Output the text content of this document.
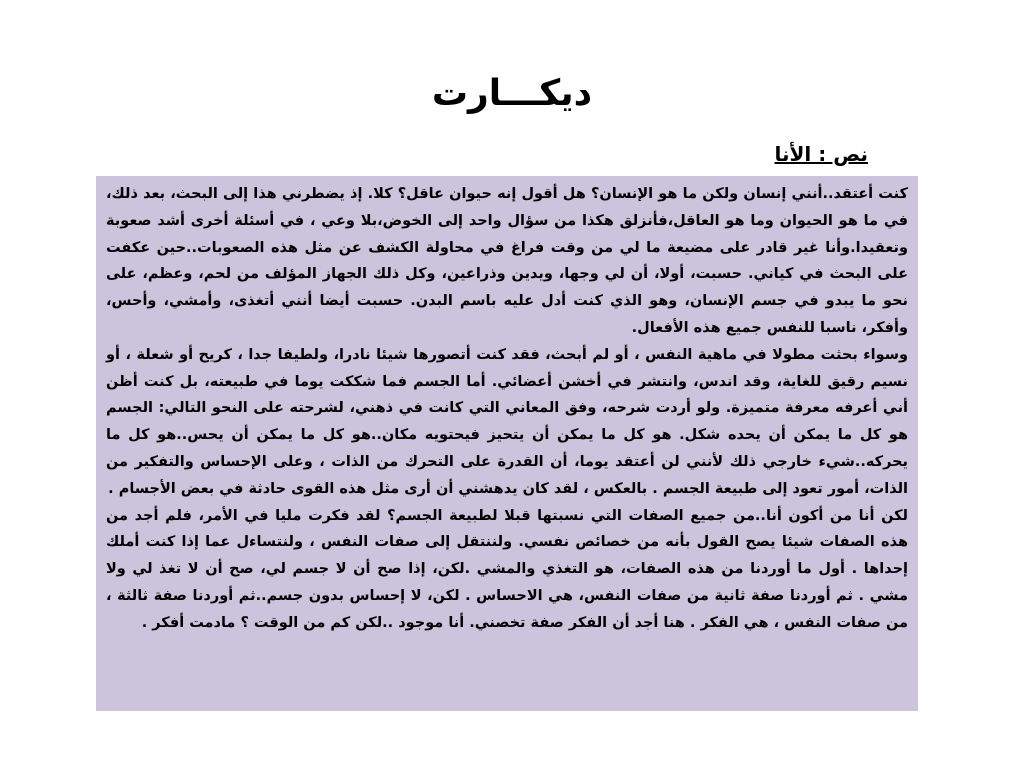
ديكـــارت
نص : الأنا

كنت أعتقد..أنني إنسان ولكن ما هو الإنسان؟ هل أقول إنه حيوان عاقل؟ كلا. إذ يضطرني هذا إلى البحث، بعد ذلك، في ما هو الحيوان وما هو العاقل،فأنزلق هكذا من سؤال واحد إلى الخوض،بلا وعي ، في أسئلة أخرى أشد صعوبة وتعقيدا.وأنا غير قادر على مضيعة ما لي من وقت فراغ في محاولة الكشف عن مثل هذه الصعوبات..حين عكفت على البحث في كياني. حسبت، أولا، أن لي وجها، ويدين وذراعين، وكل ذلك الجهاز المؤلف من لحم، وعظم، على نحو ما يبدو في جسم الإنسان، وهو الذي كنت أدل عليه باسم البدن. حسبت أيضا أنني أتغذى، وأمشي، وأحس، وأفكر، ناسبا للنفس جميع هذه الأفعال.

وسواء بحثت مطولا في ماهية النفس ، أو لم أبحث، فقد كنت أتصورها شيئا نادرا، ولطيفا جدا ، كريح أو شعلة ، أو نسيم رقيق للغاية، وقد اندس، وانتشر في أخشن أعضائي. أما الجسم فما شككت يوما في طبيعته، بل كنت أظن أني أعرفه معرفة متميزة. ولو أردت شرحه، وفق المعاني التي كانت في ذهني، لشرحته على النحو التالي: الجسم هو كل ما يمكن أن يحده شكل. هو كل ما يمكن أن يتحيز فيحتويه مكان..هو كل ما يمكن أن يحس..هو كل ما يحركه..شيء خارجي ذلك لأنني لن أعتقد يوما، أن القدرة على التحرك من الذات ، وعلى الإحساس والتفكير من الذات، أمور تعود إلى طبيعة الجسم . بالعكس ، لقد كان يدهشني أن أرى مثل هذه القوى حادثة في بعض الأجسام .

لكن أنا من أكون أنا..من جميع الصفات التي نسبتها قبلا لطبيعة الجسم؟ لقد فكرت مليا في الأمر، فلم أجد من هذه الصفات شيئا يصح القول بأنه من خصائص نفسي. ولننتقل إلى صفات النفس ، ولنتساءل عما إذا كنت أملك إحداها . أول ما أوردنا من هذه الصفات، هو التغذي والمشي .لكن، إذا صح أن لا جسم لي، صح أن لا تغذ لي ولا مشي . ثم أوردنا صفة ثانية من صفات النفس، هي الاحساس . لكن، لا إحساس بدون جسم..ثم أوردنا صفة ثالثة ، من صفات النفس ، هي الفكر . هنا أجد أن الفكر صفة تخصني. أنا موجود ..لكن كم من الوقت ؟ مادمت أفكر .
